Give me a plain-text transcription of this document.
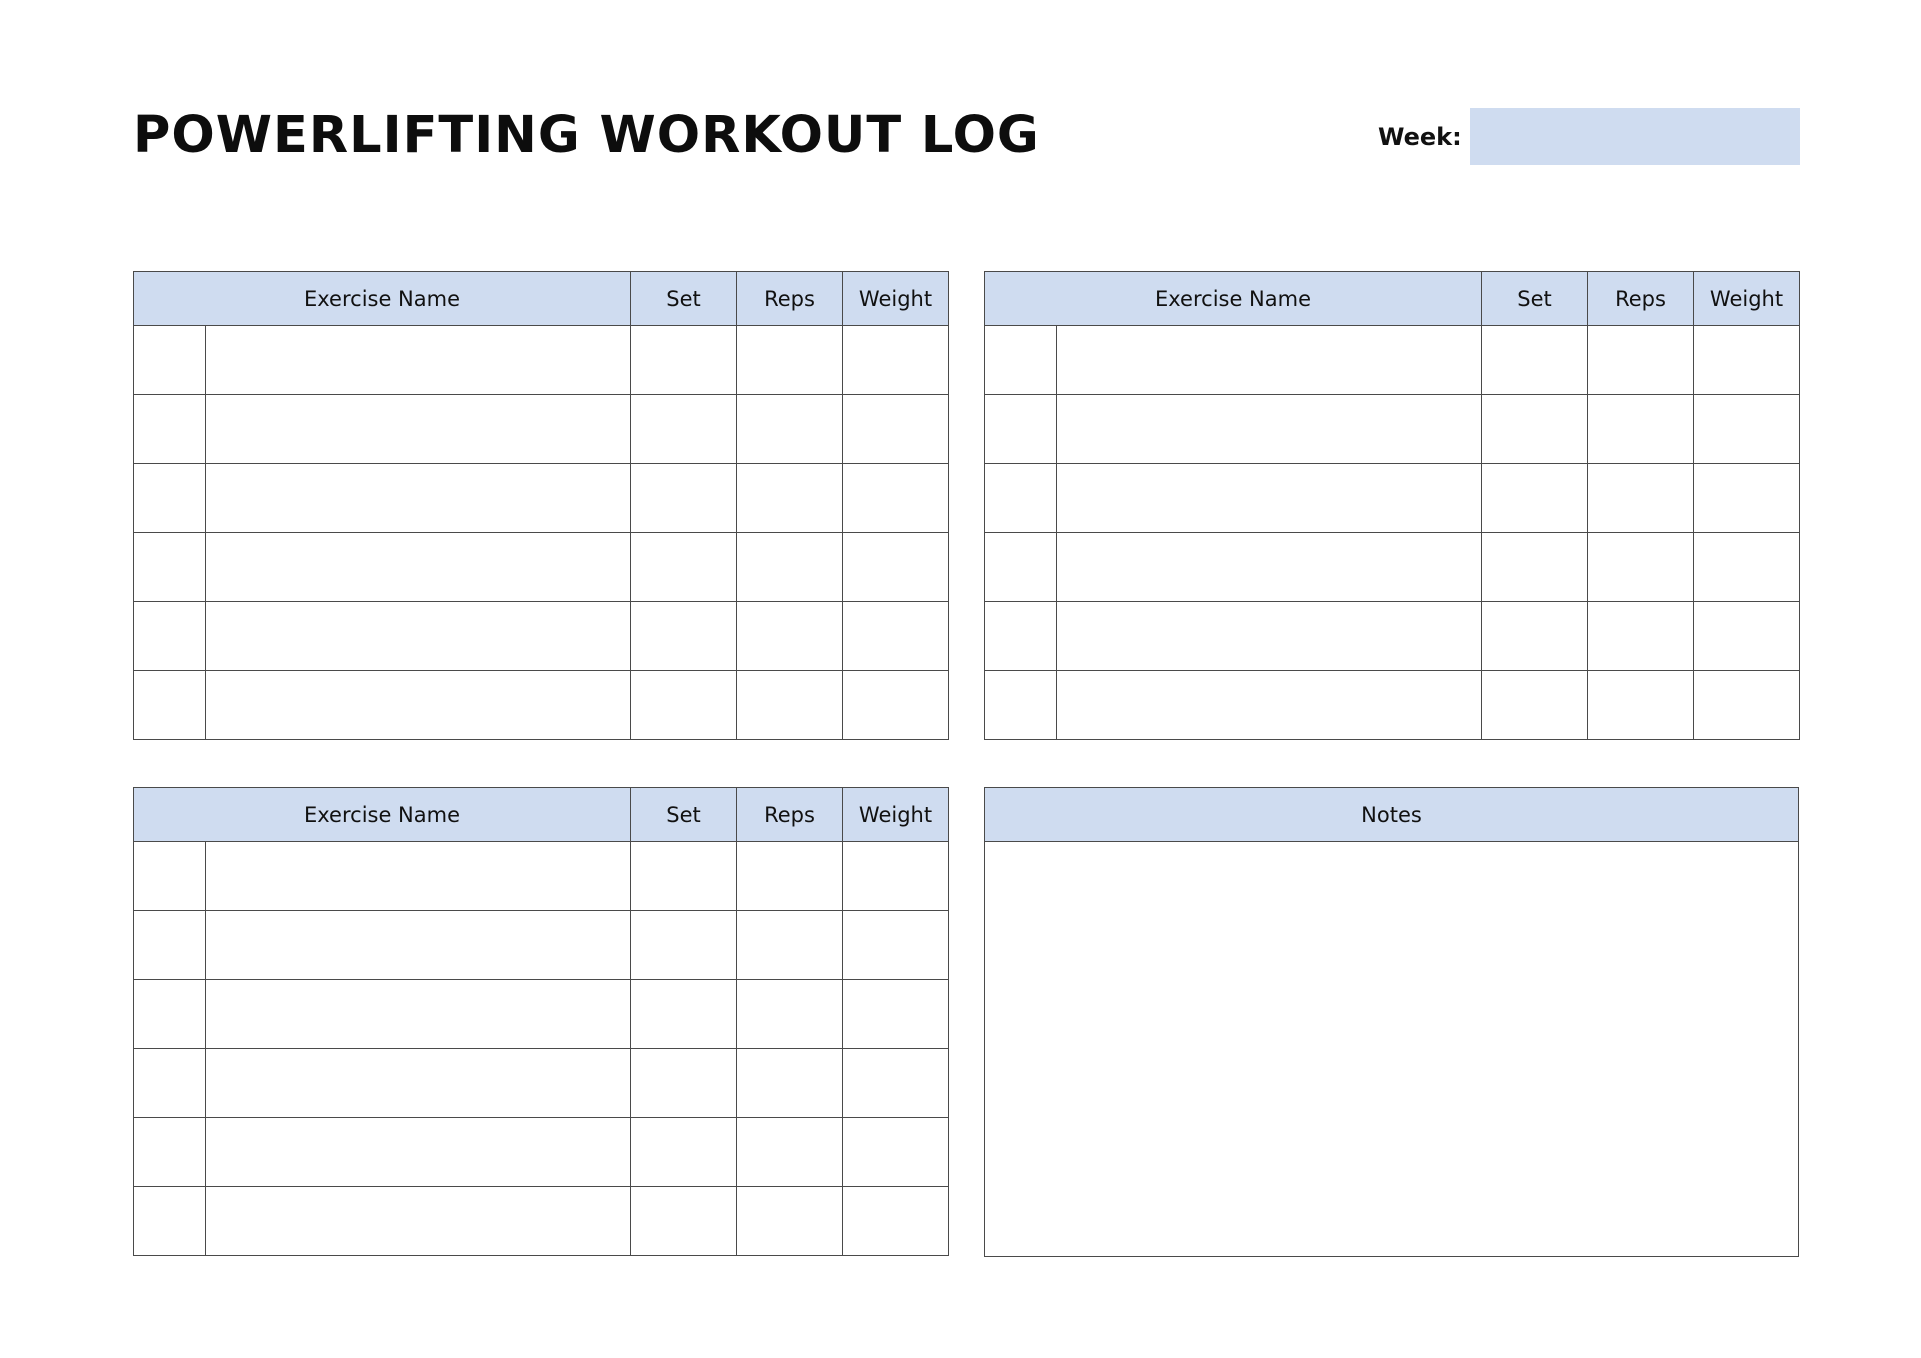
POWERLIFTING WORKOUT LOG	Week:
Exercise Name		Set	Reps	Weight

					Exercise Name		Set	Reps	Weight

Exercise Name		Set	Reps	Weight

					Notes
